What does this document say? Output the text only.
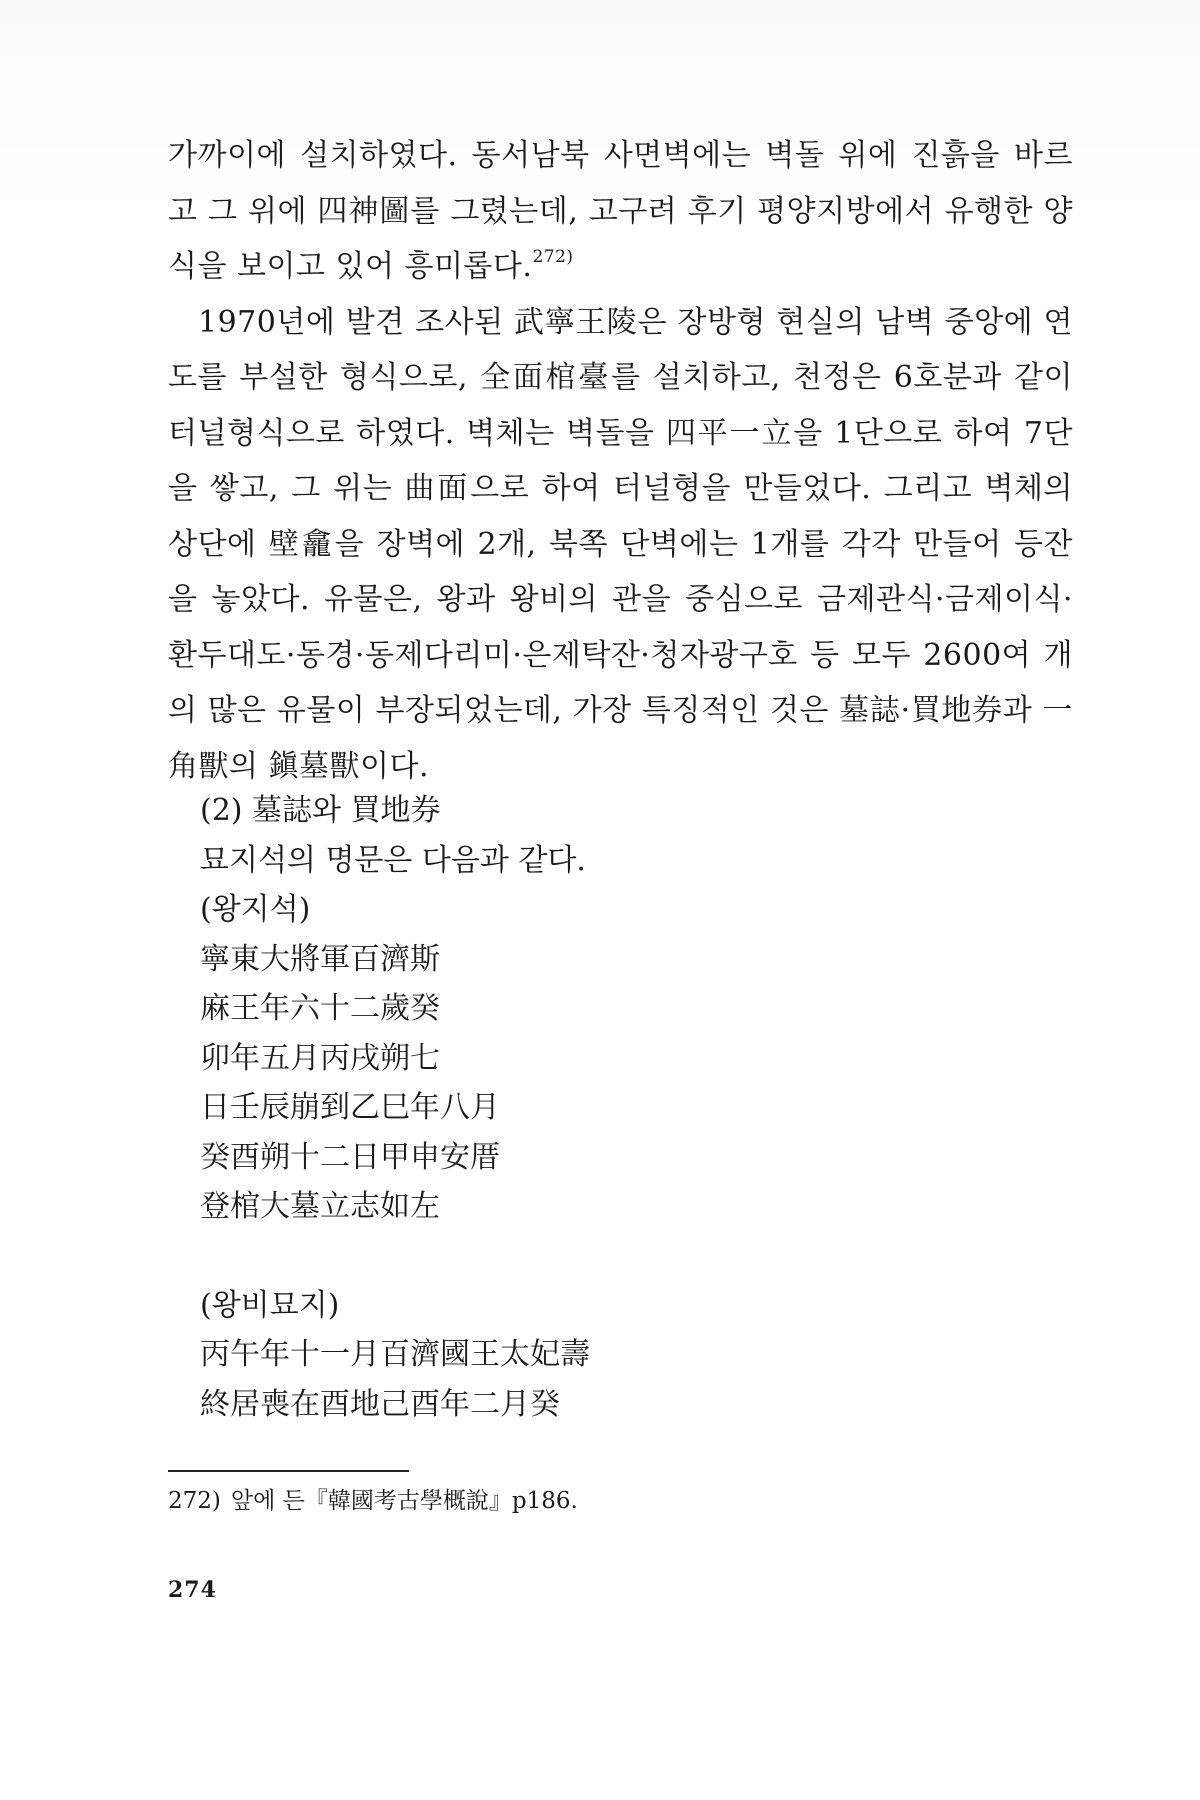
가까이에 설치하였다. 동서남북 사면벽에는 벽돌 위에 진흙을 바르고 그 위에 四神圖를 그렸는데, 고구려 후기 평양지방에서 유행한 양식을 보이고 있어 흥미롭다.$^{272)}$

1970년에 발견 조사된 武寧王陵은 장방형 현실의 남벽 중앙에 연도를 부설한 형식으로, 全面棺臺를 설치하고, 천정은 6호분과 같이 터널형식으로 하였다. 벽체는 벽돌을 四平一立을 1단으로 하여 7단을 쌓고, 그 위는 曲面으로 하여 터널형을 만들었다. 그리고 벽체의 상단에 壁龕을 장벽에 2개, 북쪽 단벽에는 1개를 각각 만들어 등잔을 놓았다. 유물은, 왕과 왕비의 관을 중심으로 금제관식·금제이식·환두대도·동경·동제다리미·은제탁잔·청자광구호 등 모두 2600여 개의 많은 유물이 부장되었는데, 가장 특징적인 것은 墓誌·買地券과 一角獸의 鎭墓獸이다.

(2) 墓誌와 買地券
묘지석의 명문은 다음과 같다.
(왕지석)
寧東大將軍百濟斯
麻王年六十二歲癸
卯年五月丙戌朔七
日壬辰崩到乙巳年八月
癸酉朔十二日甲申安厝
登棺大墓立志如左
(왕비묘지)
丙午年十一月百濟國王太妃壽
終居喪在酉地己酉年二月癸
272) 앞에 든『韓國考古學概說』p186.
274
